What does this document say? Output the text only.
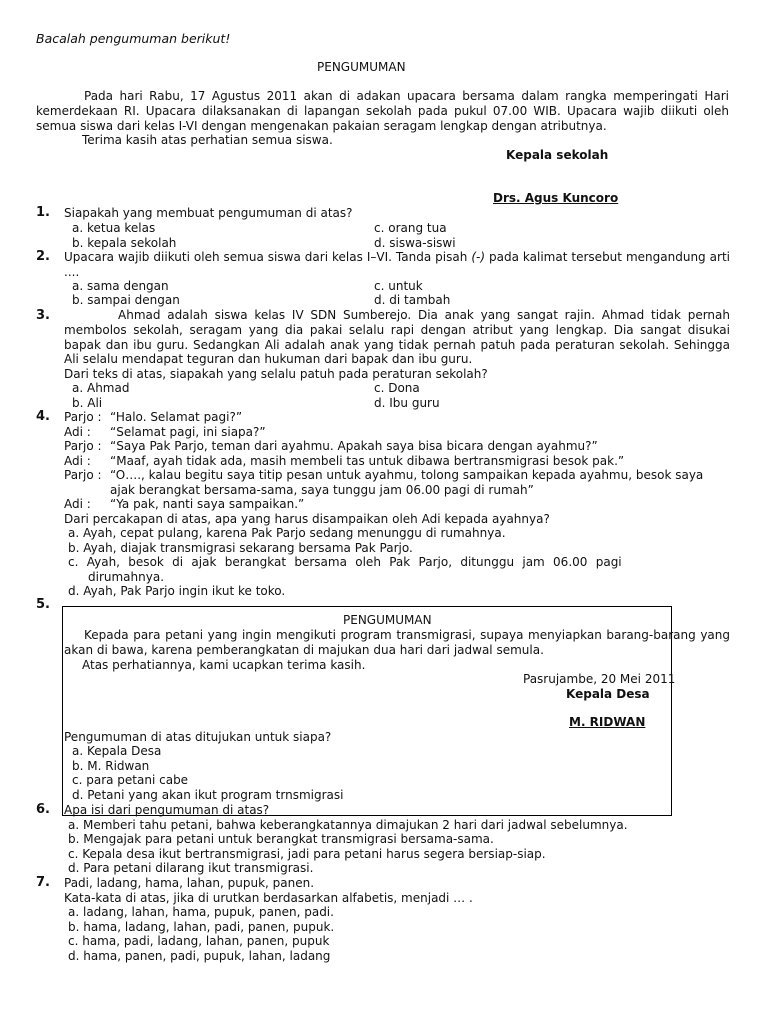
Bacalah pengumuman berikut!
PENGUMUMAN
Pada hari Rabu, 17 Agustus 2011 akan di adakan upacara bersama dalam rangka memperingati Hari kemerdekaan RI. Upacara dilaksanakan di lapangan sekolah pada pukul 07.00 WIB. Upacara wajib diikuti oleh semua siswa dari kelas I-VI dengan mengenakan pakaian seragam lengkap dengan atributnya.
Terima kasih atas perhatian semua siswa.
Kepala sekolah
Drs. Agus Kuncoro
1. Siapakah yang membuat pengumuman di atas?
a. ketua kelas
b. kepala sekolah
c. orang tua
d. siswa-siswi
2. Upacara wajib diikuti oleh semua siswa dari kelas I–VI. Tanda pisah (-) pada kalimat tersebut mengandung arti ....
a. sama dengan
b. sampai dengan
c. untuk
d. di tambah
3.	Ahmad adalah siswa kelas IV SDN Sumberejo. Dia anak yang sangat rajin. Ahmad tidak pernah membolos sekolah, seragam yang dia pakai selalu rapi dengan atribut yang lengkap. Dia sangat disukai bapak dan ibu guru. Sedangkan Ali adalah anak yang tidak pernah patuh pada peraturan sekolah. Sehingga Ali selalu mendapat teguran dan hukuman dari bapak dan ibu guru.
Dari teks di atas, siapakah yang selalu patuh pada peraturan sekolah?
a. Ahmad
b. Ali
c. Dona
d. Ibu guru
4. Parjo : “Halo. Selamat pagi?”
Adi : “Selamat pagi, ini siapa?”
Parjo : “Saya Pak Parjo, teman dari ayahmu. Apakah saya bisa bicara dengan ayahmu?”
Adi : “Maaf, ayah tidak ada, masih membeli tas untuk dibawa bertransmigrasi besok pak.”
Parjo : “O…., kalau begitu saya titip pesan untuk ayahmu, tolong sampaikan kepada ayahmu, besok saya
ajak berangkat bersama-sama, saya tunggu jam 06.00 pagi di rumah”
Adi : “Ya pak, nanti saya sampaikan.”
Dari percakapan di atas, apa yang harus disampaikan oleh Adi kepada ayahnya?
a. Ayah, cepat pulang, karena Pak Parjo sedang menunggu di rumahnya.
b. Ayah, diajak transmigrasi sekarang bersama Pak Parjo.
c. Ayah, besok di ajak berangkat bersama oleh Pak Parjo, ditunggu jam 06.00 pagi
dirumahnya.
d. Ayah, Pak Parjo ingin ikut ke toko.
5.
PENGUMUMAN
Kepada para petani yang ingin mengikuti program transmigrasi, supaya menyiapkan barang-barang yang akan di bawa, karena pemberangkatan di majukan dua hari dari jadwal semula.
Atas perhatiannya, kami ucapkan terima kasih.
Pasrujambe, 20 Mei 2011
Kepala Desa
M. RIDWAN
Pengumuman di atas ditujukan untuk siapa?
a. Kepala Desa
b. M. Ridwan
c. para petani cabe
d. Petani yang akan ikut program trnsmigrasi
6. Apa isi dari pengumuman di atas?
a. Memberi tahu petani, bahwa keberangkatannya dimajukan 2 hari dari jadwal sebelumnya.
b. Mengajak para petani untuk berangkat transmigrasi bersama-sama.
c. Kepala desa ikut bertransmigrasi, jadi para petani harus segera bersiap-siap.
d. Para petani dilarang ikut transmigrasi.
7. Padi, ladang, hama, lahan, pupuk, panen.
Kata-kata di atas, jika di urutkan berdasarkan alfabetis, menjadi … .
a. ladang, lahan, hama, pupuk, panen, padi.
b. hama, ladang, lahan, padi, panen, pupuk.
c. hama, padi, ladang, lahan, panen, pupuk
d. hama, panen, padi, pupuk, lahan, ladang
